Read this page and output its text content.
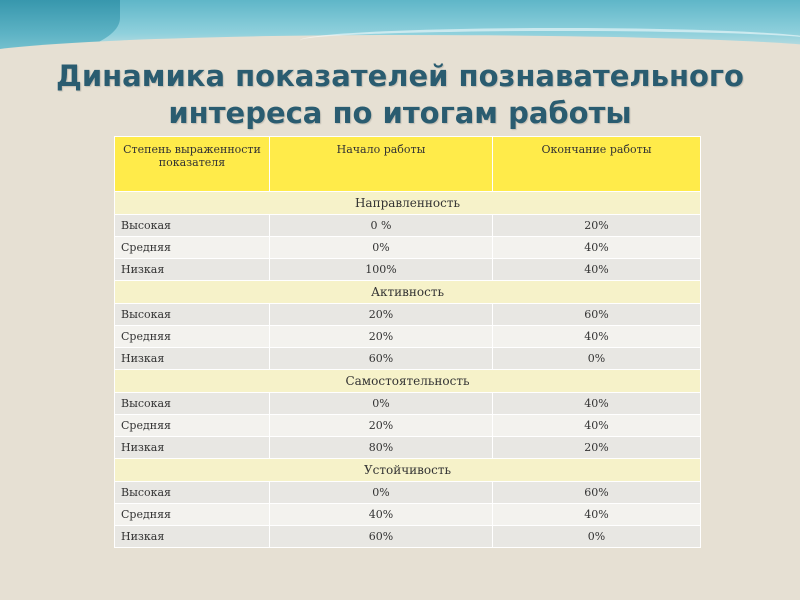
Динамика показателей познавательного
интереса по итогам работы
Степень выраженности показателя	Начало работы	Окончание работы
Направленность		
Высокая	0 %	20%
Средняя	0%	40%
Низкая	100%	40%
Активность		
Высокая	20%	60%
Средняя	20%	40%
Низкая	60%	0%
Самостоятельность		
Высокая	0%	40%
Средняя	20%	40%
Низкая	80%	20%
Устойчивость		
Высокая	0%	60%
Средняя	40%	40%
Низкая	60%	0%
